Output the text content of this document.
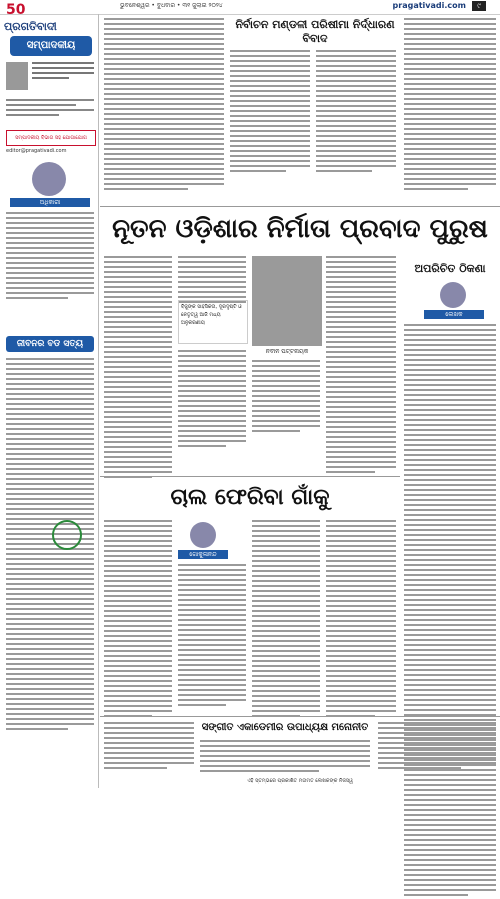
50	ଭୁବନେଶ୍ୱର • ବୁଧବାର • ୩୧ ଜୁଲାଇ ୨୦୨୪	pragativadi.com	୯
ପ୍ରଗତିବାଦୀ
ସମ୍ପାଦକୀୟ
ସମ୍ପାଦକୀୟ ବିଭାଗ ସହ ଯୋଗାଯୋଗ
editor@pragativadi.com
ଅଧିକାରୀ
ଜୀବନର ବଡ ସତ୍ୟ
ନିର୍ବାଚନ ମଣ୍ଡଳୀ ପରିଷୀମା ନିର୍ଦ୍ଧାରଣ ବିବାଦ
ନୂତନ ଓଡ଼ିଶାର ନିର୍ମାତା ପ୍ରବାଦ ପୁରୁଷ
ବିଜୁଙ୍କ ସାହସିକତା, ଦୂରଦୃଷ୍ଟି ଓ ନେତୃତ୍ୱ ଆଜି ମଧ୍ୟ ଅନୁକରଣୀୟ
ନବୀନ ପଟ୍ଟନାୟକ
ଅପରିଚିତ ଠିକଣା
ଲେଖକ
ଚାଲ ଫେରିବା ଗାଁକୁ
ଗୋକୁଳାନନ୍ଦ
ସଙ୍ଗୀତ ଏକାଡେମୀର ଉପାଧ୍ୟକ୍ଷ ମନୋନୀତ
ଏହି ସ୍ତମ୍ଭରେ ପ୍ରକାଶିତ ମତାମତ ଲେଖକଙ୍କ ନିଜସ୍ୱ
